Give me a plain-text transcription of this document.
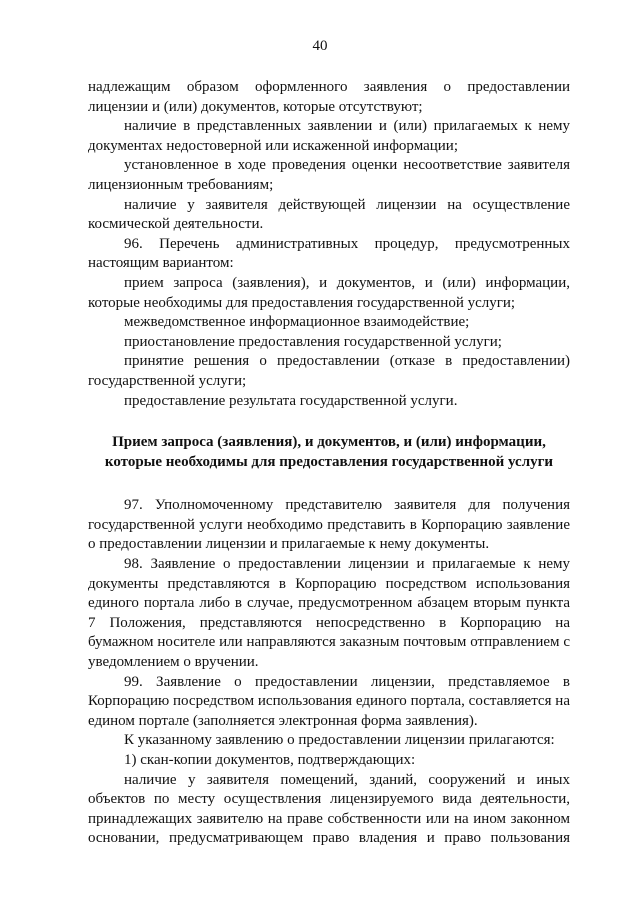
40

надлежащим образом оформленного заявления о предоставлении лицензии и (или) документов, которые отсутствуют;

наличие в представленных заявлении и (или) прилагаемых к нему документах недостоверной или искаженной информации;

установленное в ходе проведения оценки несоответствие заявителя лицензионным требованиям;

наличие у заявителя действующей лицензии на осуществление космической деятельности.

96. Перечень административных процедур, предусмотренных настоящим вариантом:

прием запроса (заявления), и документов, и (или) информации, которые необходимы для предоставления государственной услуги;

межведомственное информационное взаимодействие;

приостановление предоставления государственной услуги;

принятие решения о предоставлении (отказе в предоставлении) государственной услуги;

предоставление результата государственной услуги.

Прием запроса (заявления), и документов, и (или) информации,
которые необходимы для предоставления государственной услуги

97. Уполномоченному представителю заявителя для получения государственной услуги необходимо представить в Корпорацию заявление о предоставлении лицензии и прилагаемые к нему документы.

98. Заявление о предоставлении лицензии и прилагаемые к нему документы представляются в Корпорацию посредством использования единого портала либо в случае, предусмотренном абзацем вторым пункта 7 Положения, представляются непосредственно в Корпорацию на бумажном носителе или направляются заказным почтовым отправлением с уведомлением о вручении.

99. Заявление о предоставлении лицензии, представляемое в Корпорацию посредством использования единого портала, составляется на едином портале (заполняется электронная форма заявления).

К указанному заявлению о предоставлении лицензии прилагаются:

1) скан-копии документов, подтверждающих:

наличие у заявителя помещений, зданий, сооружений и иных объектов по месту осуществления лицензируемого вида деятельности, принадлежащих заявителю на праве собственности или на ином законном основании, предусматривающем право владения и право пользования
